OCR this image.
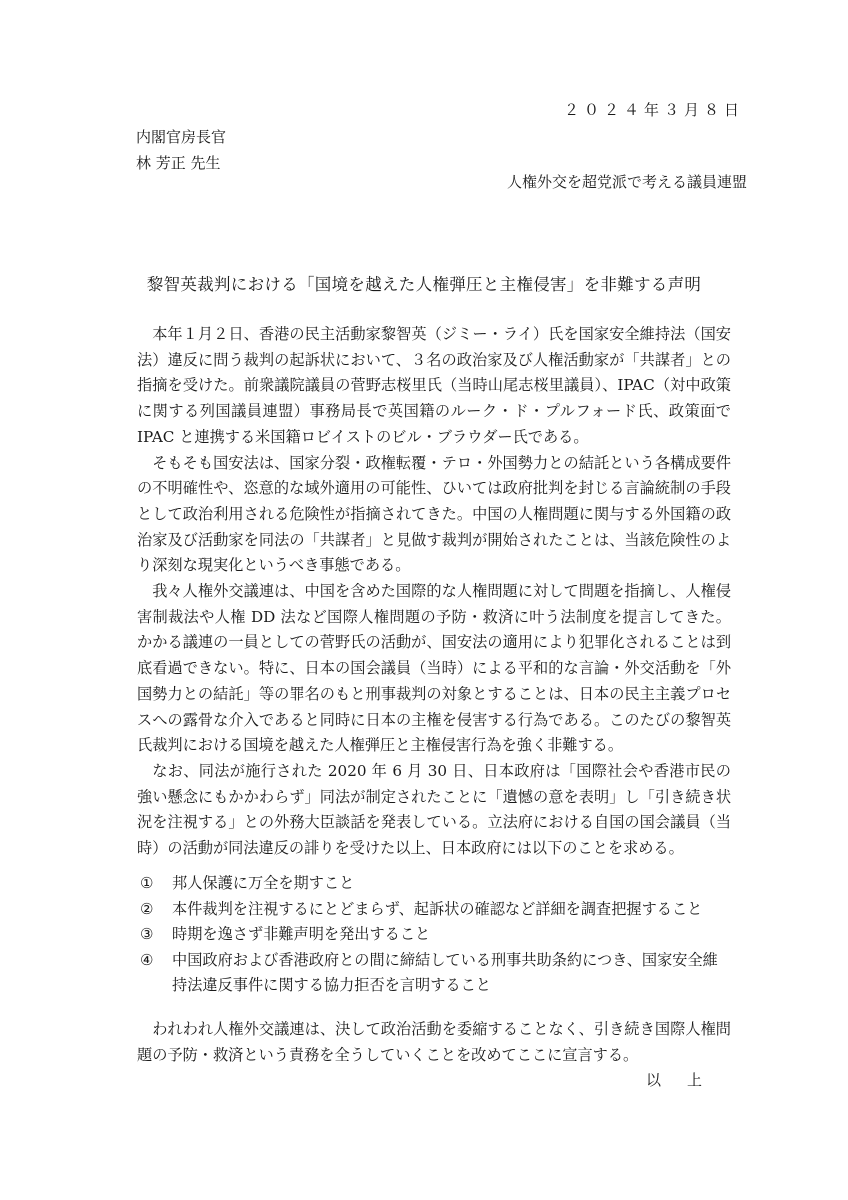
２０２４年３月８日
内閣官房長官
林 芳正 先生
人権外交を超党派で考える議員連盟
黎智英裁判における「国境を越えた人権弾圧と主権侵害」を非難する声明

本年１月２日、香港の民主活動家黎智英（ジミー・ライ）氏を国家安全維持法（国安法）違反に問う裁判の起訴状において、３名の政治家及び人権活動家が「共謀者」との指摘を受けた。前衆議院議員の菅野志桜里氏（当時山尾志桜里議員）、IPAC（対中政策に関する列国議員連盟）事務局長で英国籍のルーク・ド・プルフォード氏、政策面で IPAC と連携する米国籍ロビイストのビル・ブラウダー氏である。

そもそも国安法は、国家分裂・政権転覆・テロ・外国勢力との結託という各構成要件の不明確性や、恣意的な域外適用の可能性、ひいては政府批判を封じる言論統制の手段として政治利用される危険性が指摘されてきた。中国の人権問題に関与する外国籍の政治家及び活動家を同法の「共謀者」と見做す裁判が開始されたことは、当該危険性のより深刻な現実化というべき事態である。

我々人権外交議連は、中国を含めた国際的な人権問題に対して問題を指摘し、人権侵害制裁法や人権 DD 法など国際人権問題の予防・救済に叶う法制度を提言してきた。かかる議連の一員としての菅野氏の活動が、国安法の適用により犯罪化されることは到底看過できない。特に、日本の国会議員（当時）による平和的な言論・外交活動を「外国勢力との結託」等の罪名のもと刑事裁判の対象とすることは、日本の民主主義プロセスへの露骨な介入であると同時に日本の主権を侵害する行為である。このたびの黎智英氏裁判における国境を越えた人権弾圧と主権侵害行為を強く非難する。

なお、同法が施行された 2020 年 6 月 30 日、日本政府は「国際社会や香港市民の強い懸念にもかかわらず」同法が制定されたことに「遺憾の意を表明」し「引き続き状況を注視する」との外務大臣談話を発表している。立法府における自国の国会議員（当時）の活動が同法違反の誹りを受けた以上、日本政府には以下のことを求める。

①	邦人保護に万全を期すこと
②	本件裁判を注視するにとどまらず、起訴状の確認など詳細を調査把握すること
③	時期を逸さず非難声明を発出すること
④	中国政府および香港政府との間に締結している刑事共助条約につき、国家安全維持法違反事件に関する協力拒否を言明すること

われわれ人権外交議連は、決して政治活動を委縮することなく、引き続き国際人権問題の予防・救済という責務を全うしていくことを改めてここに宣言する。

以上
